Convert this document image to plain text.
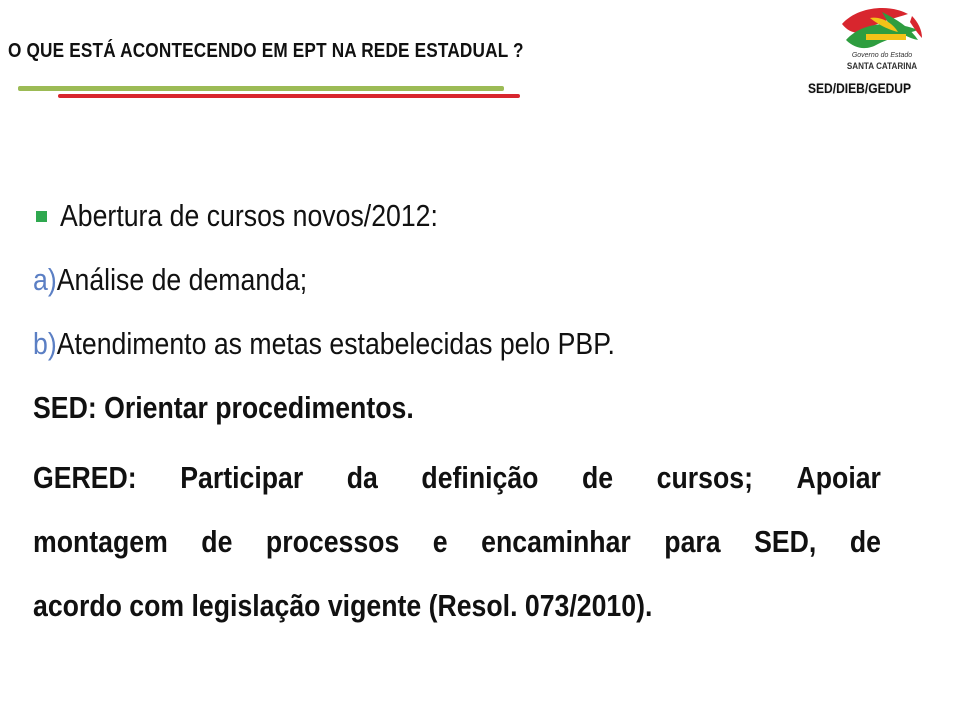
O QUE ESTÁ ACONTECENDO EM EPT NA REDE ESTADUAL ?	Governo do Estado
SANTA CATARINA
SED/DIEB/GEDUP
Abertura de cursos novos/2012:
a)Análise de demanda;
b)Atendimento as metas estabelecidas pelo PBP.
SED: Orientar procedimentos.
GERED: Participar da definição de cursos; Apoiar
montagem de processos e encaminhar para SED, de
acordo com legislação vigente (Resol. 073/2010).
